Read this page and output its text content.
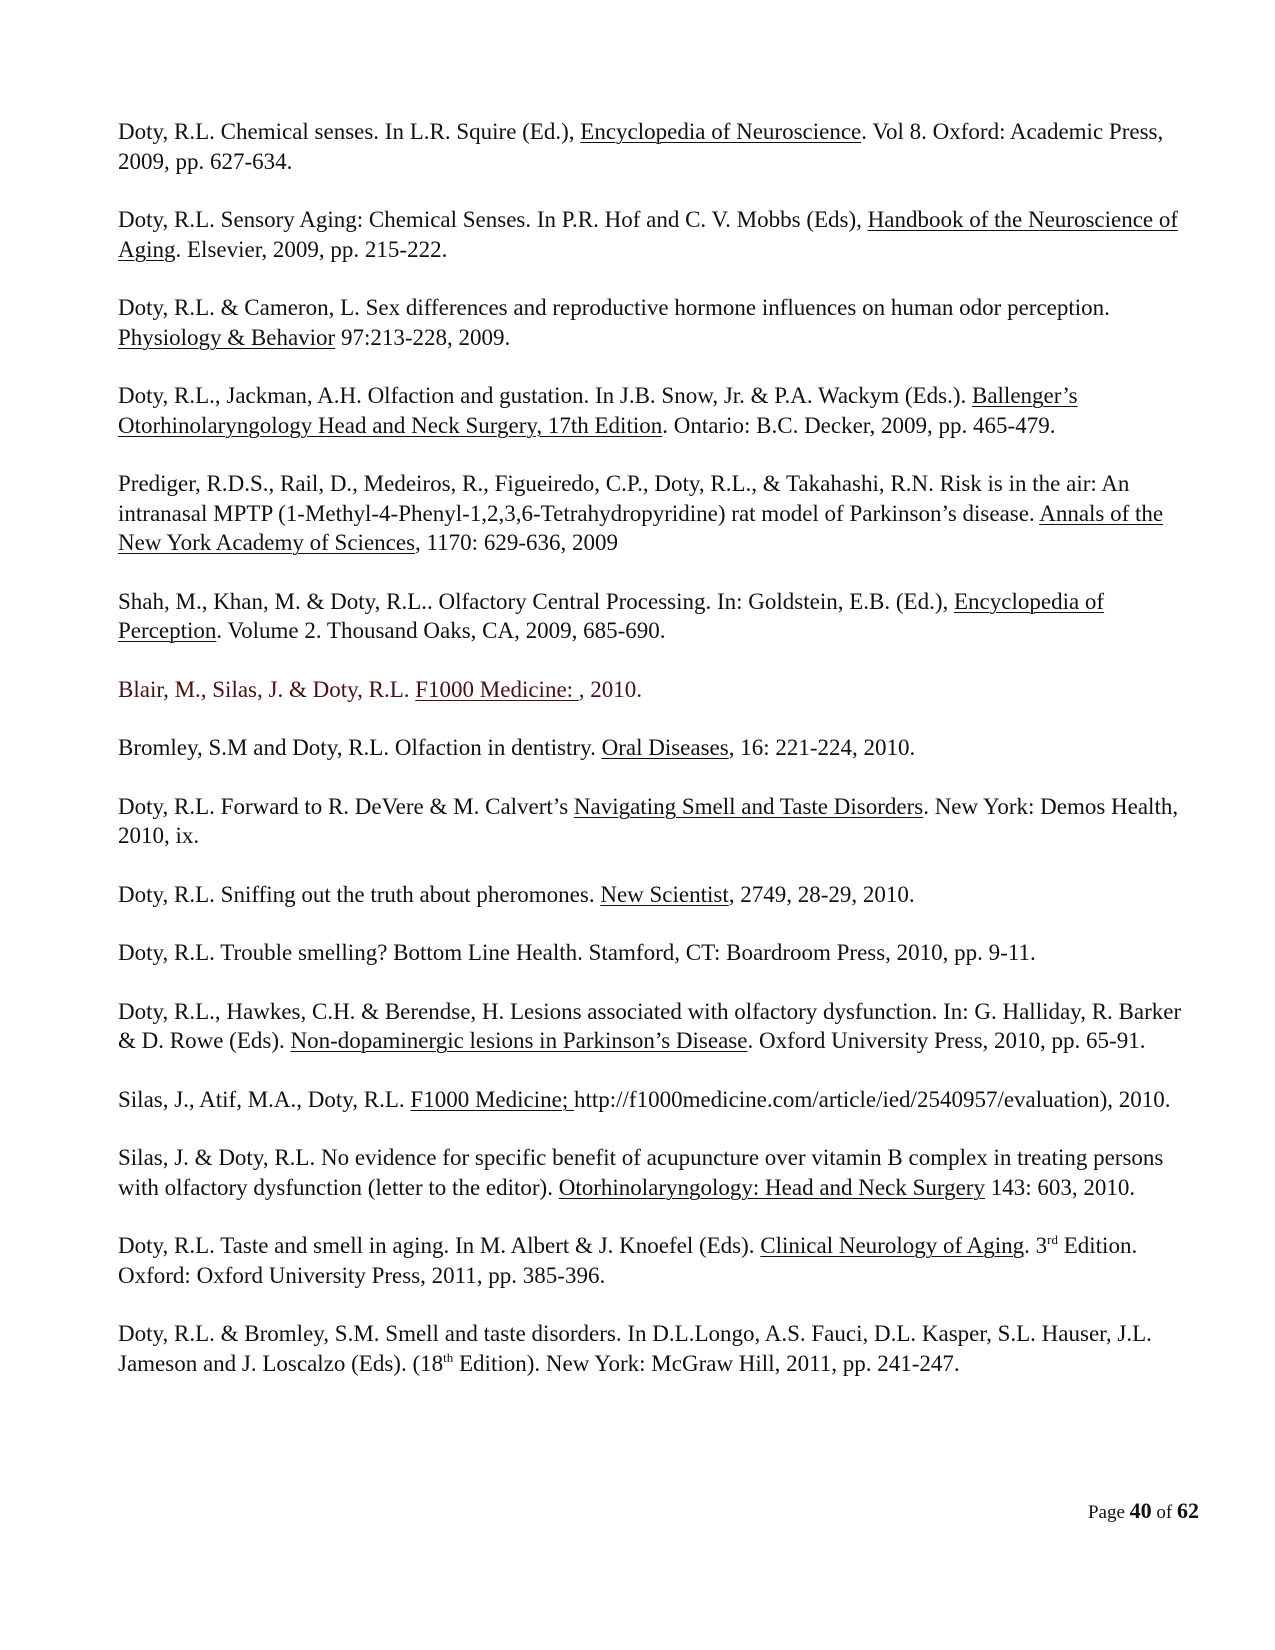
Doty, R.L. Chemical senses. In L.R. Squire (Ed.), Encyclopedia of Neuroscience. Vol 8. Oxford: Academic Press, 2009, pp. 627-634.

Doty, R.L. Sensory Aging: Chemical Senses. In P.R. Hof and C. V. Mobbs (Eds), Handbook of the Neuroscience of Aging. Elsevier, 2009, pp. 215-222.

Doty, R.L. & Cameron, L. Sex differences and reproductive hormone influences on human odor perception. Physiology & Behavior 97:213-228, 2009.

Doty, R.L., Jackman, A.H. Olfaction and gustation. In J.B. Snow, Jr. & P.A. Wackym (Eds.). Ballenger’s Otorhinolaryngology Head and Neck Surgery, 17th Edition. Ontario: B.C. Decker, 2009, pp. 465-479.

Prediger, R.D.S., Rail, D., Medeiros, R., Figueiredo, C.P., Doty, R.L., & Takahashi, R.N. Risk is in the air: An intranasal MPTP (1-Methyl-4-Phenyl-1,2,3,6-Tetrahydropyridine) rat model of Parkinson’s disease. Annals of the New York Academy of Sciences, 1170: 629-636, 2009

Shah, M., Khan, M. & Doty, R.L.. Olfactory Central Processing. In: Goldstein, E.B. (Ed.), Encyclopedia of Perception. Volume 2. Thousand Oaks, CA, 2009, 685-690.

Blair, M., Silas, J. & Doty, R.L. F1000 Medicine: , 2010.

Bromley, S.M and Doty, R.L. Olfaction in dentistry. Oral Diseases, 16: 221-224, 2010.

Doty, R.L. Forward to R. DeVere & M. Calvert’s Navigating Smell and Taste Disorders. New York: Demos Health, 2010, ix.

Doty, R.L. Sniffing out the truth about pheromones. New Scientist, 2749, 28-29, 2010.

Doty, R.L. Trouble smelling? Bottom Line Health. Stamford, CT: Boardroom Press, 2010, pp. 9-11.

Doty, R.L., Hawkes, C.H. & Berendse, H. Lesions associated with olfactory dysfunction. In: G. Halliday, R. Barker & D. Rowe (Eds). Non-dopaminergic lesions in Parkinson’s Disease. Oxford University Press, 2010, pp. 65-91.

Silas, J., Atif, M.A., Doty, R.L. F1000 Medicine; http://f1000medicine.com/article/ied/2540957/evaluation), 2010.

Silas, J. & Doty, R.L. No evidence for specific benefit of acupuncture over vitamin B complex in treating persons with olfactory dysfunction (letter to the editor). Otorhinolaryngology: Head and Neck Surgery 143: 603, 2010.

Doty, R.L. Taste and smell in aging. In M. Albert & J. Knoefel (Eds). Clinical Neurology of Aging. 3rd Edition. Oxford: Oxford University Press, 2011, pp. 385-396.

Doty, R.L. & Bromley, S.M. Smell and taste disorders. In D.L.Longo, A.S. Fauci, D.L. Kasper, S.L. Hauser, J.L. Jameson and J. Loscalzo (Eds). (18th Edition). New York: McGraw Hill, 2011, pp. 241-247.

Page 40 of 62
